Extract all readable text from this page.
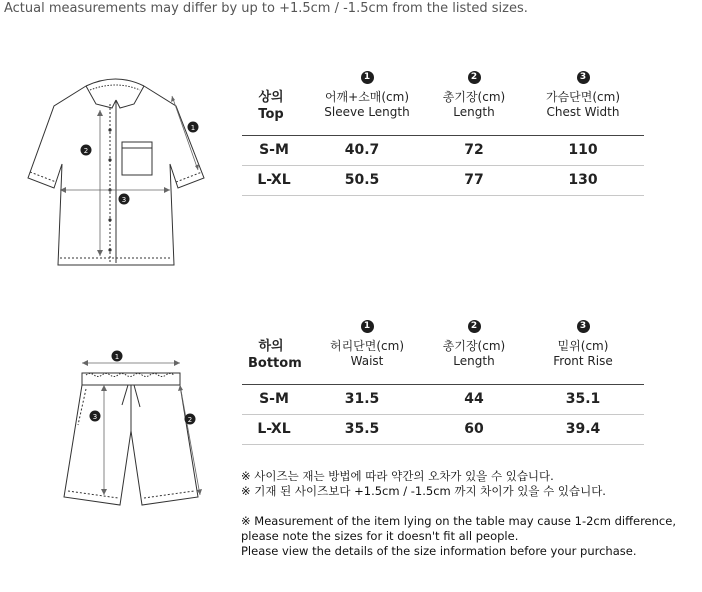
Actual measurements may differ by up to +1.5cm / -1.5cm from the listed sizes.
1
2
3
1
2
3
상의
Top
1
어깨+소매(cm)
Sleeve Length
2
총기장(cm)
Length
3
가슴단면(cm)
Chest Width
S-M	40.7	72	110
L-XL	50.5	77	130
하의
Bottom
1
허리단면(cm)
Waist
2
총기장(cm)
Length
3
밑위(cm)
Front Rise
S-M	31.5	44	35.1
L-XL	35.5	60	39.4
※ 사이즈는 재는 방법에 따라 약간의 오차가 있을 수 있습니다.
※ 기재 된 사이즈보다 +1.5cm / -1.5cm 까지 차이가 있을 수 있습니다.
※ Measurement of the item lying on the table may cause 1-2cm difference,
please note the sizes for it doesn't fit all people.
Please view the details of the size information before your purchase.
